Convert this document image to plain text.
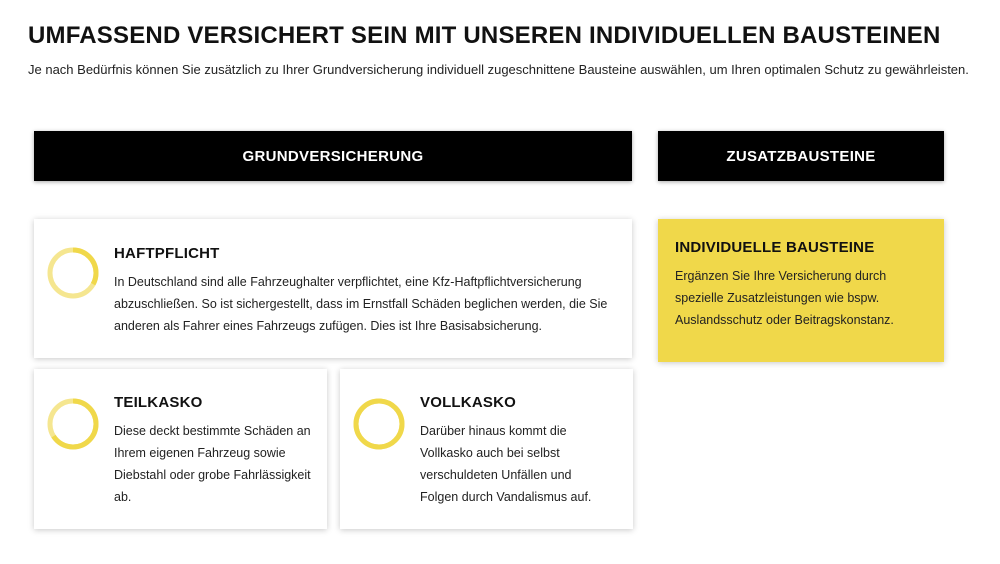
UMFASSEND VERSICHERT SEIN MIT UNSEREN INDIVIDUELLEN BAUSTEINEN

Je nach Bedürfnis können Sie zusätzlich zu Ihrer Grundversicherung individuell zugeschnittene Bausteine auswählen, um Ihren optimalen Schutz zu gewährleisten.

GRUNDVERSICHERUNG	ZUSATZBAUSTEINE
HAFTPFLICHT

In Deutschland sind alle Fahrzeughalter verpflichtet, eine Kfz-Haftpflichtversicherung abzuschließen. So ist sichergestellt, dass im Ernstfall Schäden beglichen werden, die Sie anderen als Fahrer eines Fahrzeugs zufügen. Dies ist Ihre Basisabsicherung.

TEILKASKO

Diese deckt bestimmte Schäden an Ihrem eigenen Fahrzeug sowie Diebstahl oder grobe Fahrlässigkeit ab.

VOLLKASKO

Darüber hinaus kommt die Vollkasko auch bei selbst verschuldeten Unfällen und Folgen durch Vandalismus auf.

INDIVIDUELLE BAUSTEINE

Ergänzen Sie Ihre Versicherung durch spezielle Zusatzleistungen wie bspw. Auslandsschutz oder Beitragskonstanz.
